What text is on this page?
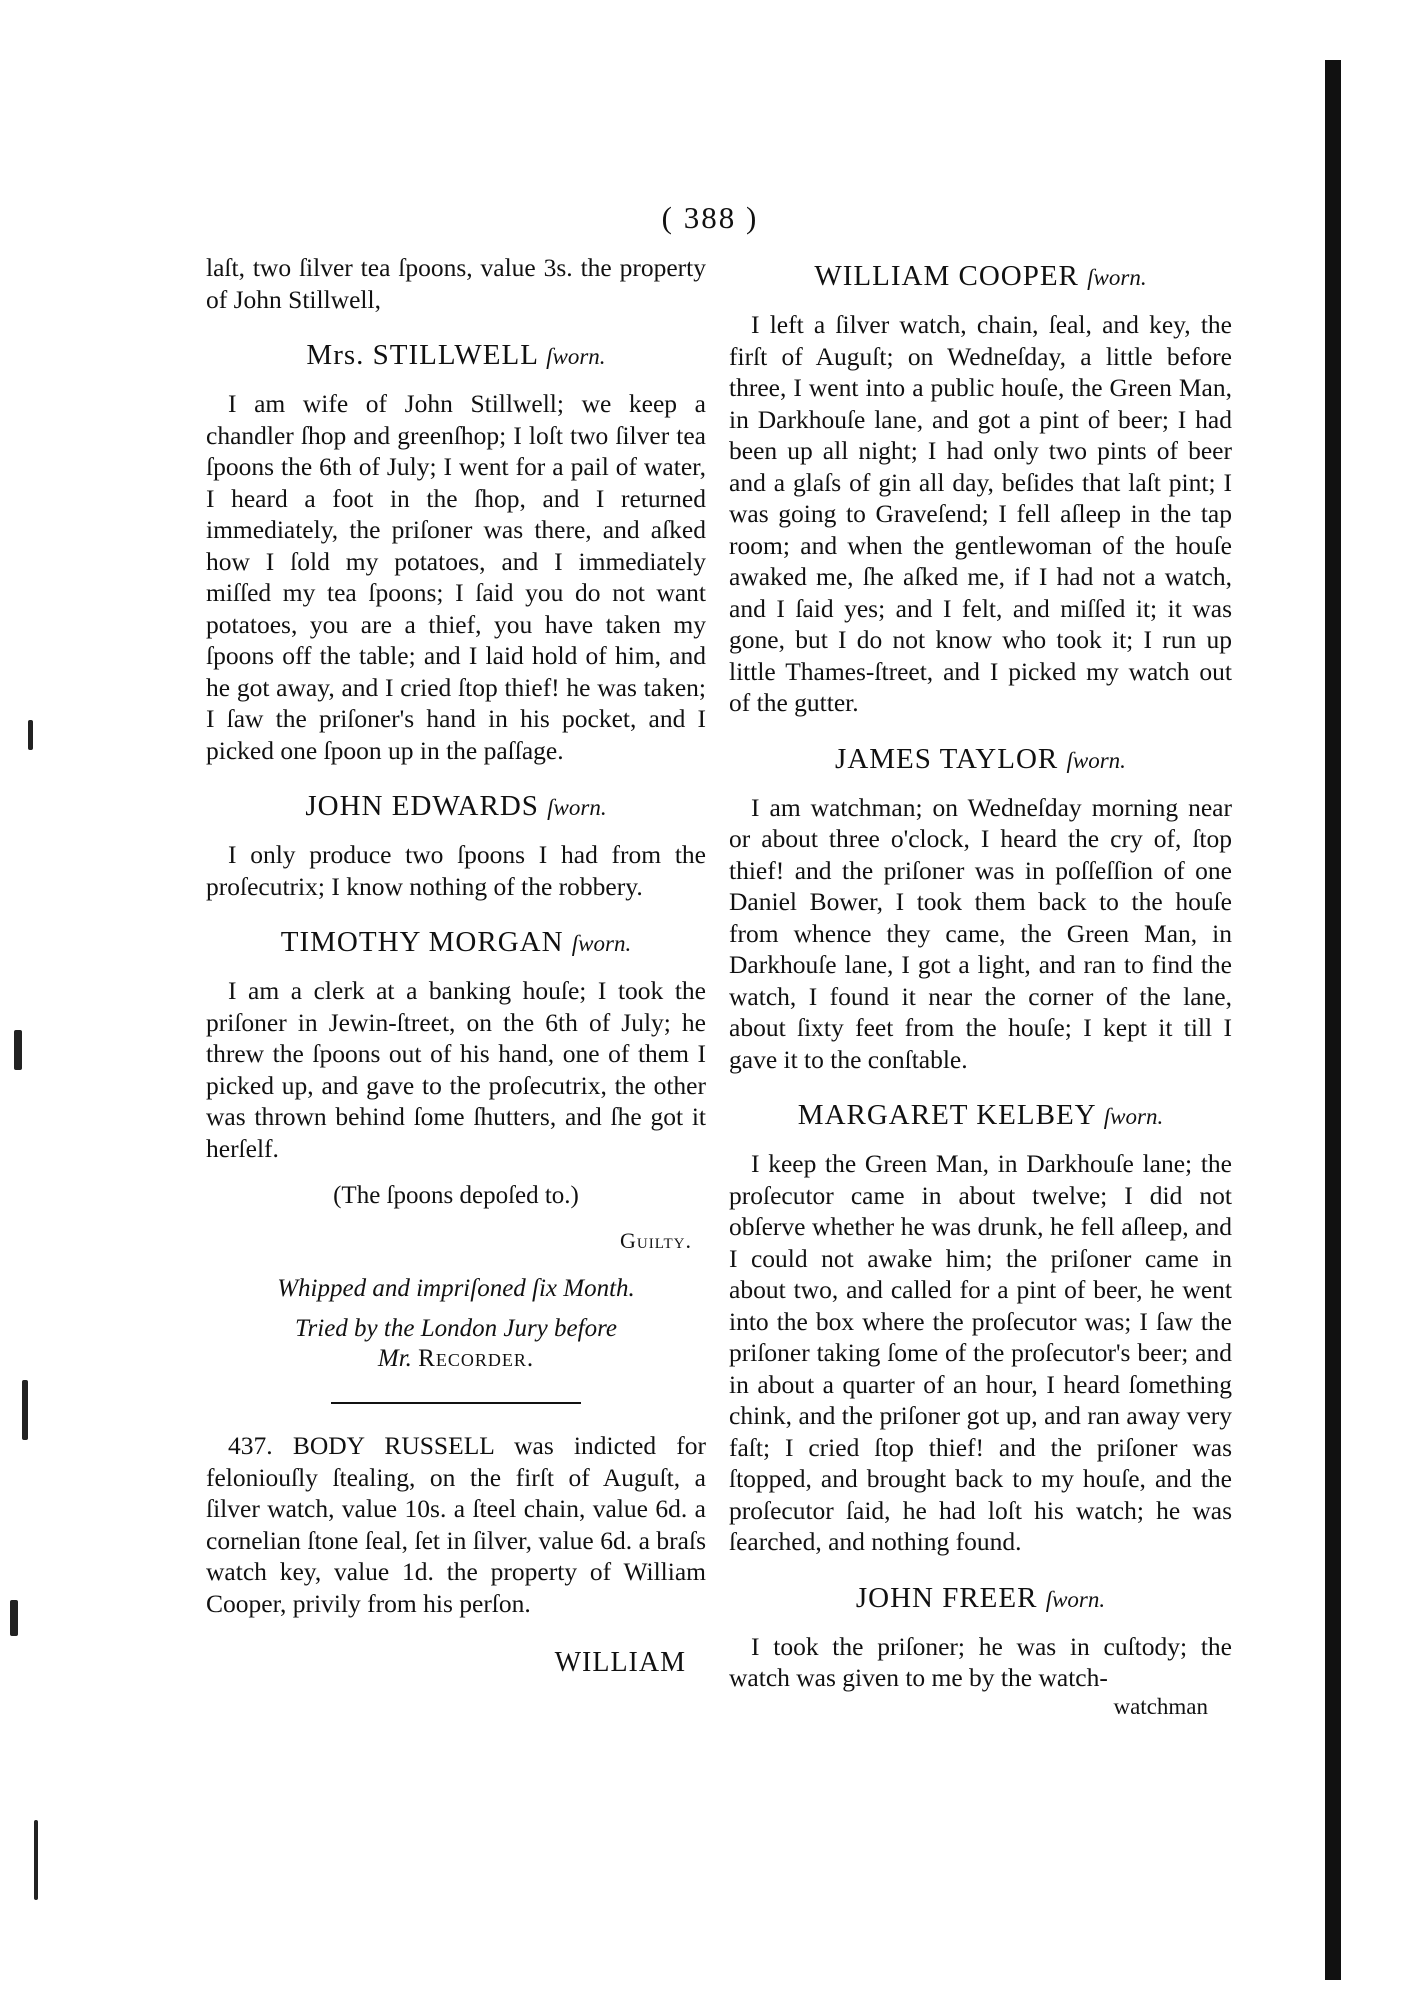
( 388 )

laſt, two ſilver tea ſpoons, value 3s. the property of John Stillwell,

Mrs. STILLWELL ſworn.

I am wife of John Stillwell; we keep a chandler ſhop and greenſhop; I loſt two ſilver tea ſpoons the 6th of July; I went for a pail of water, I heard a foot in the ſhop, and I returned immediately, the priſoner was there, and aſked how I ſold my potatoes, and I immediately miſſed my tea ſpoons; I ſaid you do not want potatoes, you are a thief, you have taken my ſpoons off the table; and I laid hold of him, and he got away, and I cried ſtop thief! he was taken; I ſaw the priſoner's hand in his pocket, and I picked one ſpoon up in the paſſage.

JOHN EDWARDS ſworn.

I only produce two ſpoons I had from the proſecutrix; I know nothing of the robbery.

TIMOTHY MORGAN ſworn.

I am a clerk at a banking houſe; I took the priſoner in Jewin-ſtreet, on the 6th of July; he threw the ſpoons out of his hand, one of them I picked up, and gave to the proſecutrix, the other was thrown behind ſome ſhutters, and ſhe got it herſelf.

(The ſpoons depoſed to.)
Guilty.
Whipped and impriſoned ſix Month.
Tried by the London Jury before
Mr. Recorder.

437. BODY RUSSELL was indicted for feloniouſly ſtealing, on the firſt of Auguſt, a ſilver watch, value 10s. a ſteel chain, value 6d. a cornelian ſtone ſeal, ſet in ſilver, value 6d. a braſs watch key, value 1d. the property of William Cooper, privily from his perſon.

WILLIAM
WILLIAM COOPER ſworn.

I left a ſilver watch, chain, ſeal, and key, the firſt of Auguſt; on Wedneſday, a little before three, I went into a public houſe, the Green Man, in Darkhouſe lane, and got a pint of beer; I had been up all night; I had only two pints of beer and a glaſs of gin all day, beſides that laſt pint; I was going to Graveſend; I fell aſleep in the tap room; and when the gentlewoman of the houſe awaked me, ſhe aſked me, if I had not a watch, and I ſaid yes; and I felt, and miſſed it; it was gone, but I do not know who took it; I run up little Thames-ſtreet, and I picked my watch out of the gutter.

JAMES TAYLOR ſworn.

I am watchman; on Wedneſday morning near or about three o'clock, I heard the cry of, ſtop thief! and the priſoner was in poſſeſſion of one Daniel Bower, I took them back to the houſe from whence they came, the Green Man, in Darkhouſe lane, I got a light, and ran to find the watch, I found it near the corner of the lane, about ſixty feet from the houſe; I kept it till I gave it to the conſtable.

MARGARET KELBEY ſworn.

I keep the Green Man, in Darkhouſe lane; the proſecutor came in about twelve; I did not obſerve whether he was drunk, he fell aſleep, and I could not awake him; the priſoner came in about two, and called for a pint of beer, he went into the box where the proſecutor was; I ſaw the priſoner taking ſome of the proſecutor's beer; and in about a quarter of an hour, I heard ſomething chink, and the priſoner got up, and ran away very faſt; I cried ſtop thief! and the priſoner was ſtopped, and brought back to my houſe, and the proſecutor ſaid, he had loſt his watch; he was ſearched, and nothing found.

JOHN FREER ſworn.

I took the priſoner; he was in cuſtody; the watch was given to me by the watch-

watchman
